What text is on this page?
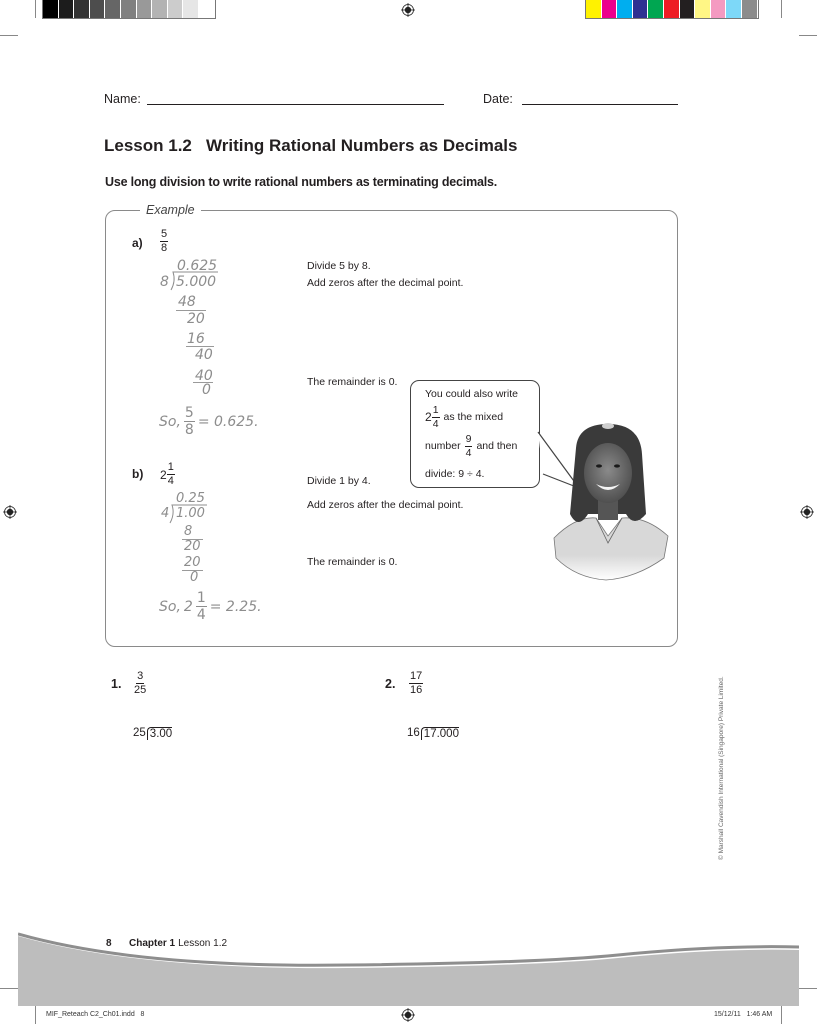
Name:	Date:
Lesson 1.2   Writing Rational Numbers as Decimals
Use long division to write rational numbers as terminating decimals.
Example
$a) \frac{5}{8}$
0.625
8 5.000
48
20
16
40
40
0
Divide 5 by 8.
Add zeros after the decimal point.
The remainder is 0.
So, $\frac{5}{8} = 0.625$.
b) $2 \frac{1}{4}$
0.25
4 1.00
8
20
20
0
Divide 1 by 4.
Add zeros after the decimal point.
The remainder is 0.
So, $2 \frac{1}{4} = 2.25$.
You could also write
$2 \frac{1}{4}$ as the mixed
number $\frac{9}{4}$ and then
divide: 9 ÷ 4.
1. $\frac{3}{25}$
25 3.00
2. $\frac{17}{16}$
16 17.000	© Marshall Cavendish International (Singapore) Private Limited.
8 Chapter 1 Lesson 1.2
MIF_Reteach C2_Ch01.indd   8	15/12/11   1:46 AM
